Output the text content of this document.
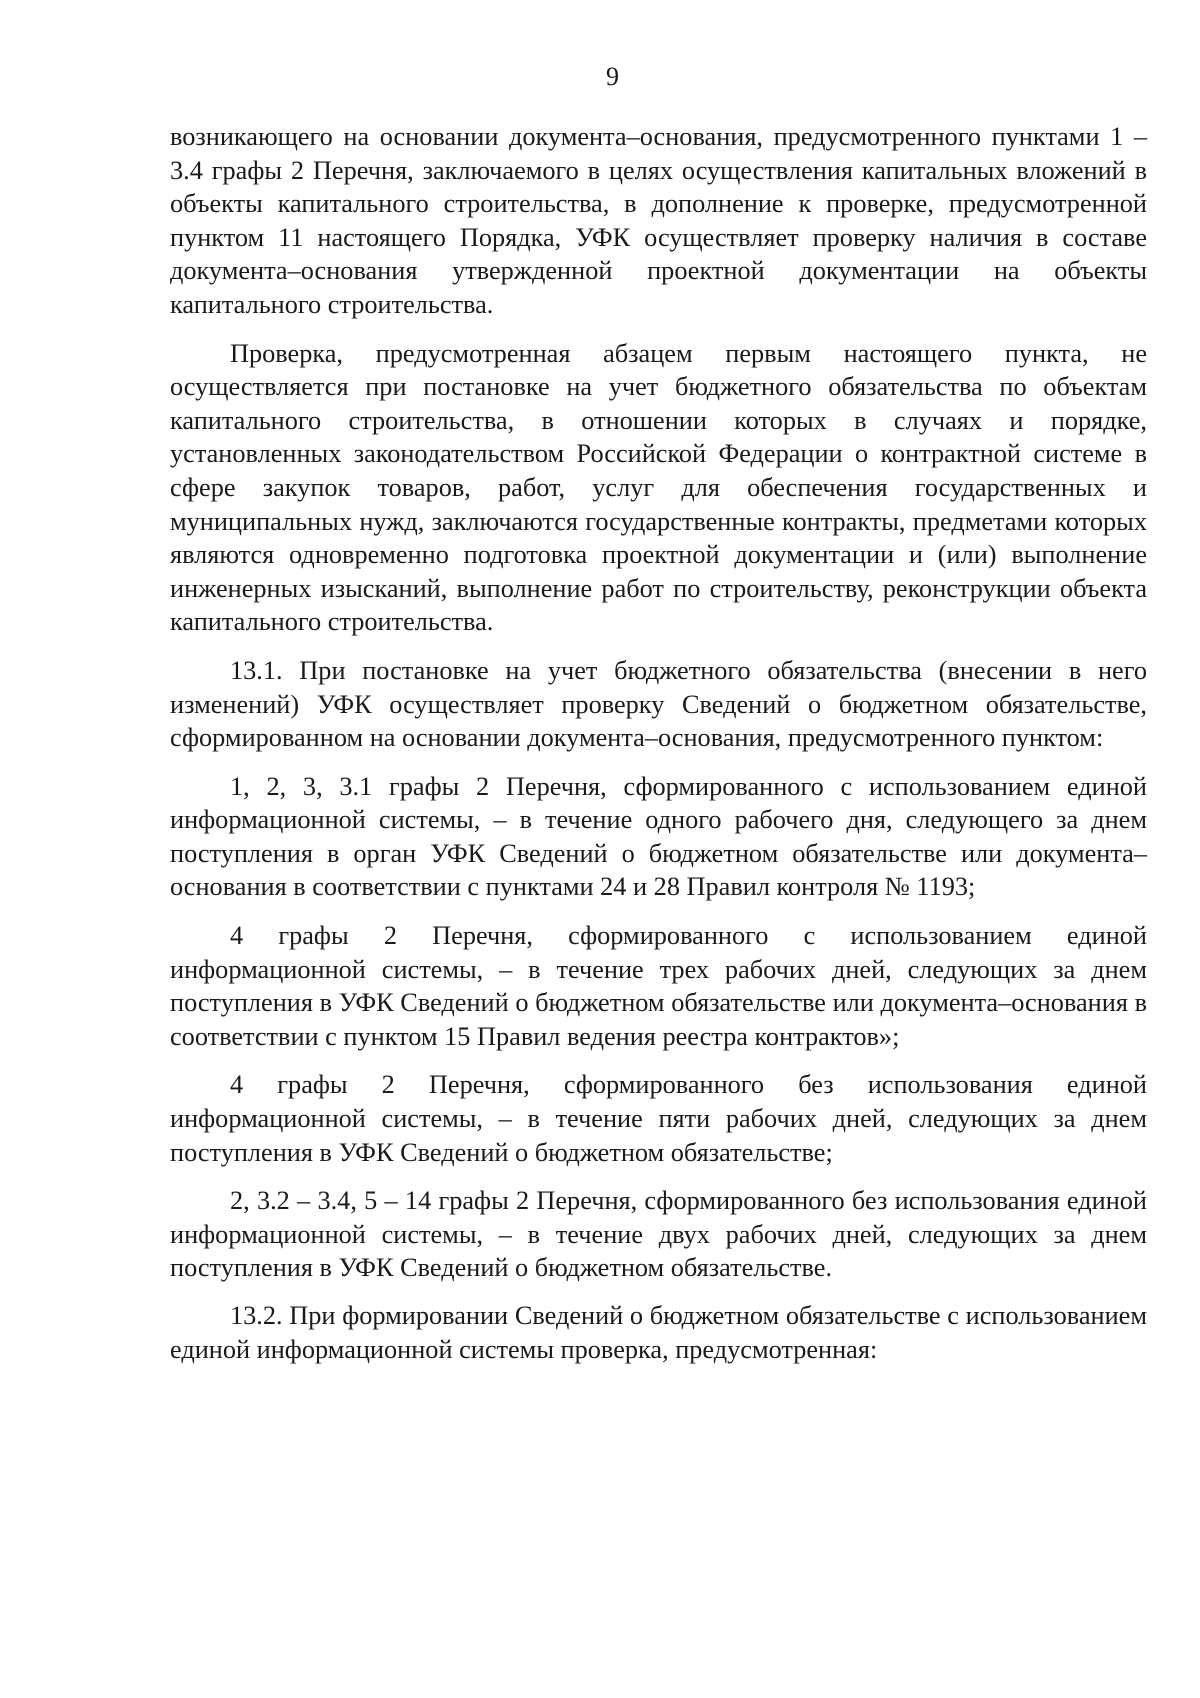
9

возникающего на основании документа–основания, предусмотренного пунктами 1 – 3.4 графы 2 Перечня, заключаемого в целях осуществления капитальных вложений в объекты капитального строительства, в дополнение к проверке, предусмотренной пунктом 11 настоящего Порядка, УФК осуществляет проверку наличия в составе документа–основания утвержденной проектной документации на объекты капитального строительства.

Проверка, предусмотренная абзацем первым настоящего пункта, не осуществляется при постановке на учет бюджетного обязательства по объектам капитального строительства, в отношении которых в случаях и порядке, установленных законодательством Российской Федерации о контрактной системе в сфере закупок товаров, работ, услуг для обеспечения государственных и муниципальных нужд, заключаются государственные контракты, предметами которых являются одновременно подготовка проектной документации и (или) выполнение инженерных изысканий, выполнение работ по строительству, реконструкции объекта капитального строительства.

13.1. При постановке на учет бюджетного обязательства (внесении в него изменений) УФК осуществляет проверку Сведений о бюджетном обязательстве, сформированном на основании документа–основания, предусмотренного пунктом:

1, 2, 3, 3.1 графы 2 Перечня, сформированного с использованием единой информационной системы, – в течение одного рабочего дня, следующего за днем поступления в орган УФК Сведений о бюджетном обязательстве или документа–основания в соответствии с пунктами 24 и 28 Правил контроля № 1193;

4 графы 2 Перечня, сформированного с использованием единой информационной системы, – в течение трех рабочих дней, следующих за днем поступления в УФК Сведений о бюджетном обязательстве или документа–основания в соответствии с пунктом 15 Правил ведения реестра контрактов»;

4 графы 2 Перечня, сформированного без использования единой информационной системы, – в течение пяти рабочих дней, следующих за днем поступления в УФК Сведений о бюджетном обязательстве;

2, 3.2 – 3.4, 5 – 14 графы 2 Перечня, сформированного без использования единой информационной системы, – в течение двух рабочих дней, следующих за днем поступления в УФК Сведений о бюджетном обязательстве.

13.2. При формировании Сведений о бюджетном обязательстве с использованием единой информационной системы проверка, предусмотренная:
